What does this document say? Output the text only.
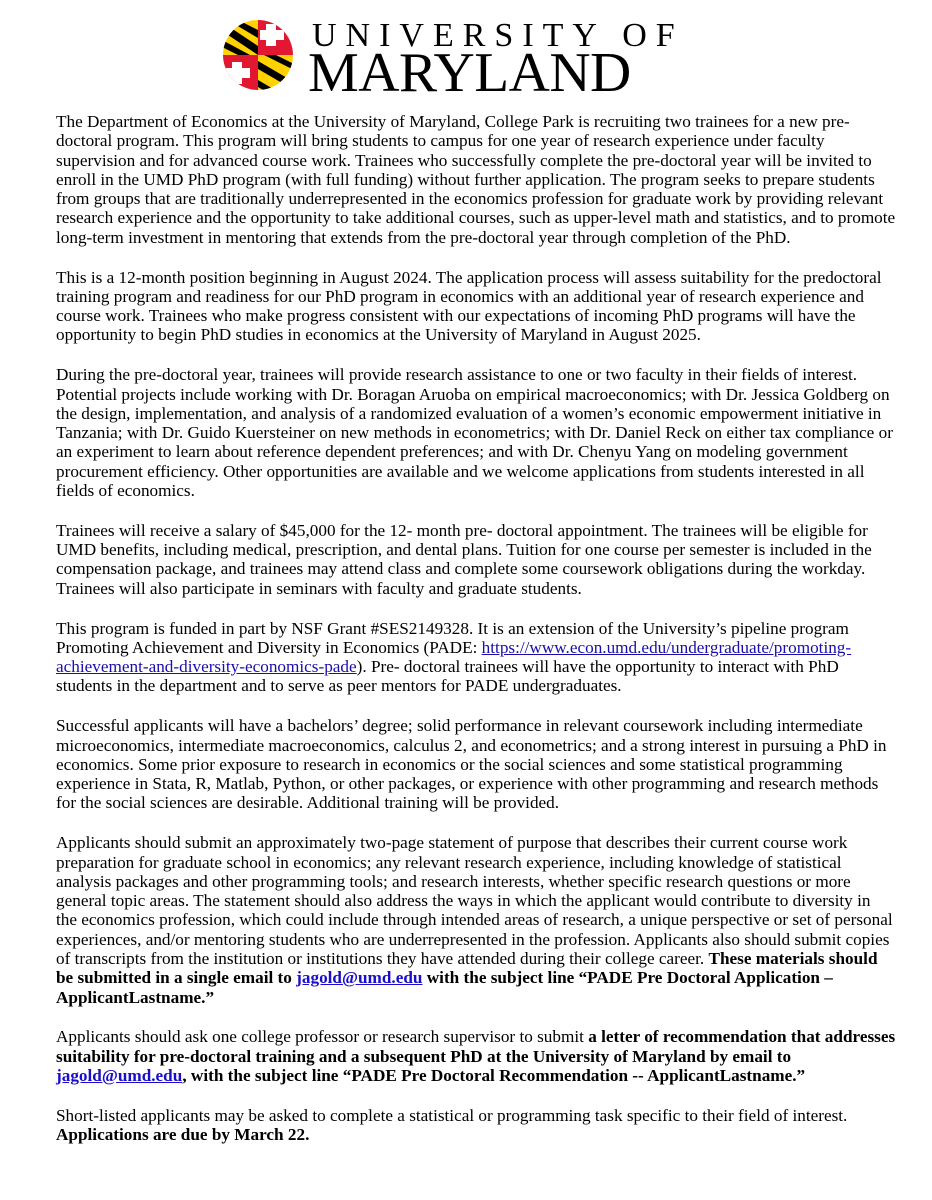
UNIVERSITY OF
MARYLAND

The Department of Economics at the University of Maryland, College Park is recruiting two trainees for a new pre-
doctoral program. This program will bring students to campus for one year of research experience under faculty
supervision and for advanced course work. Trainees who successfully complete the pre-doctoral year will be invited to
enroll in the UMD PhD program (with full funding) without further application. The program seeks to prepare students
from groups that are traditionally underrepresented in the economics profession for graduate work by providing relevant
research experience and the opportunity to take additional courses, such as upper-level math and statistics, and to promote
long-term investment in mentoring that extends from the pre-doctoral year through completion of the PhD.

This is a 12-month position beginning in August 2024. The application process will assess suitability for the predoctoral
training program and readiness for our PhD program in economics with an additional year of research experience and
course work. Trainees who make progress consistent with our expectations of incoming PhD programs will have the
opportunity to begin PhD studies in economics at the University of Maryland in August 2025.

During the pre-doctoral year, trainees will provide research assistance to one or two faculty in their fields of interest.
Potential projects include working with Dr. Boragan Aruoba on empirical macroeconomics; with Dr. Jessica Goldberg on
the design, implementation, and analysis of a randomized evaluation of a women’s economic empowerment initiative in
Tanzania; with Dr. Guido Kuersteiner on new methods in econometrics; with Dr. Daniel Reck on either tax compliance or
an experiment to learn about reference dependent preferences; and with Dr. Chenyu Yang on modeling government
procurement efficiency. Other opportunities are available and we welcome applications from students interested in all
fields of economics.

Trainees will receive a salary of $45,000 for the 12- month pre- doctoral appointment. The trainees will be eligible for
UMD benefits, including medical, prescription, and dental plans. Tuition for one course per semester is included in the
compensation package, and trainees may attend class and complete some coursework obligations during the workday.
Trainees will also participate in seminars with faculty and graduate students.

This program is funded in part by NSF Grant #SES2149328. It is an extension of the University’s pipeline program
Promoting Achievement and Diversity in Economics (PADE: https://www.econ.umd.edu/undergraduate/promoting-
achievement-and-diversity-economics-pade). Pre- doctoral trainees will have the opportunity to interact with PhD
students in the department and to serve as peer mentors for PADE undergraduates.

Successful applicants will have a bachelors’ degree; solid performance in relevant coursework including intermediate
microeconomics, intermediate macroeconomics, calculus 2, and econometrics; and a strong interest in pursuing a PhD in
economics. Some prior exposure to research in economics or the social sciences and some statistical programming
experience in Stata, R, Matlab, Python, or other packages, or experience with other programming and research methods
for the social sciences are desirable. Additional training will be provided.

Applicants should submit an approximately two-page statement of purpose that describes their current course work
preparation for graduate school in economics; any relevant research experience, including knowledge of statistical
analysis packages and other programming tools; and research interests, whether specific research questions or more
general topic areas. The statement should also address the ways in which the applicant would contribute to diversity in
the economics profession, which could include through intended areas of research, a unique perspective or set of personal
experiences, and/or mentoring students who are underrepresented in the profession. Applicants also should submit copies
of transcripts from the institution or institutions they have attended during their college career. These materials should
be submitted in a single email to jagold@umd.edu with the subject line “PADE Pre Doctoral Application –
ApplicantLastname.”

Applicants should ask one college professor or research supervisor to submit a letter of recommendation that addresses
suitability for pre-doctoral training and a subsequent PhD at the University of Maryland by email to
jagold@umd.edu, with the subject line “PADE Pre Doctoral Recommendation -- ApplicantLastname.”

Short-listed applicants may be asked to complete a statistical or programming task specific to their field of interest.
Applications are due by March 22.
